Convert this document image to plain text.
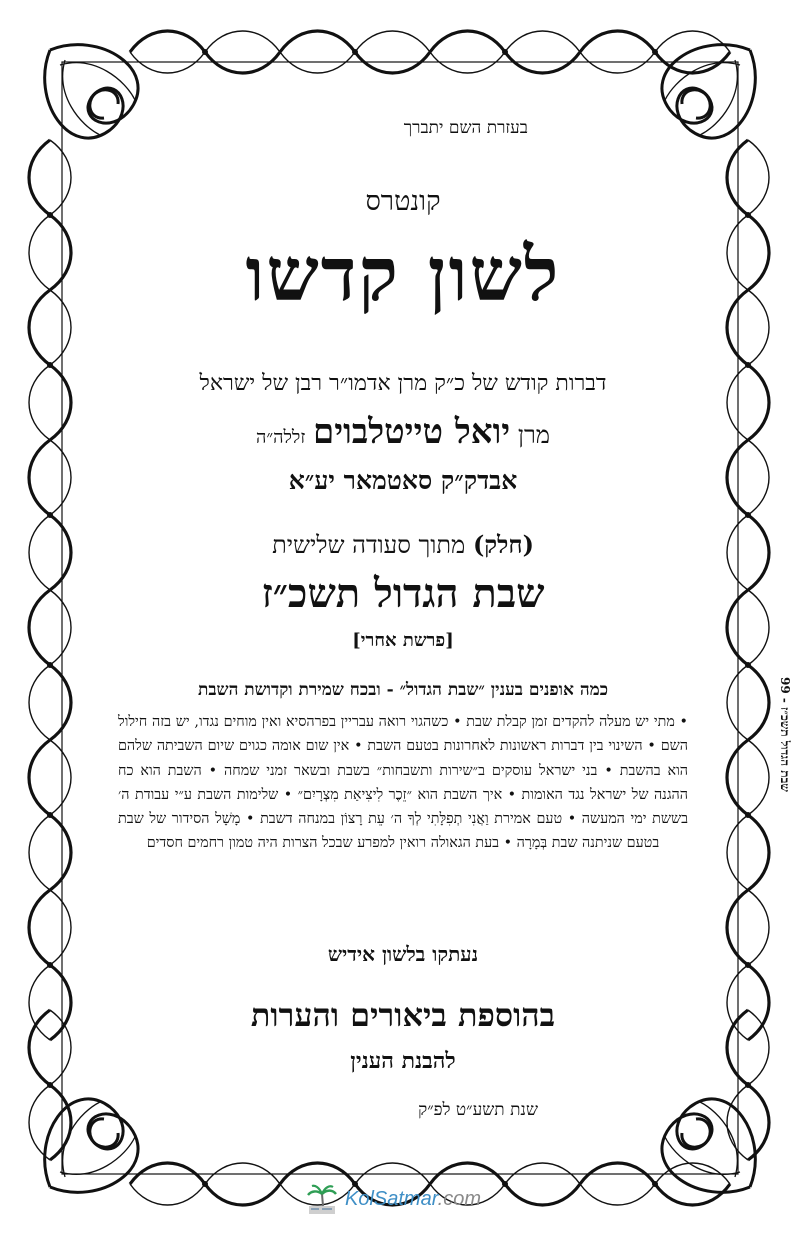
בעזרת השם יתברך
קונטרס
לשון קדשו
דברות קודש של כ״ק מרן אדמו״ר רבן של ישראל
מרן יואל טייטלבוים זללה״ה
אבדק״ק סאטמאר יע״א
(חלק) מתוך סעודה שלישית
שבת הגדול תשכ״ז
[פרשת אחרי]
כמה אופנים בענין ״שבת הגדול״ - ובכח שמירת וקדושת השבת
• מתי יש מעלה להקדים זמן קבלת שבת • כשהגוי רואה עבריין בפרהסיא ואין מוחים נגדו, יש בזה חילול השם • השינוי בין דברות ראשונות לאחרונות בטעם השבת • אין שום אומה כגוים שיום השביתה שלהם הוא בהשבת • בני ישראל עוסקים ב״שירות ותשבחות״ בשבת ובשאר זמני שמחה • השבת הוא כח ההגנה של ישראל נגד האומות • איך השבת הוא ״זֵכֶר לִיצִיאַת מִצְרָיִם״ • שלימות השבת ע״י עבודת ה׳ בששת ימי המעשה • טעם אמירת וַאֲנִי תְפִלָּתִי לְךָ ה׳ עֵת רָצוֹן במנחה דשבת • מָשָׁל הסידור של שבת בטעם שניתנה שבת בְּמָרָה • בעת הגאולה רואין למפרע שבכל הצרות היה טמון רחמים חסדים
נעתקו בלשון אידיש
בהוספת ביאורים והערות
להבנת הענין
שנת תשע״ט לפ״ק
שבת הגדול תשכ״ז - 99
KolSatmar.com
